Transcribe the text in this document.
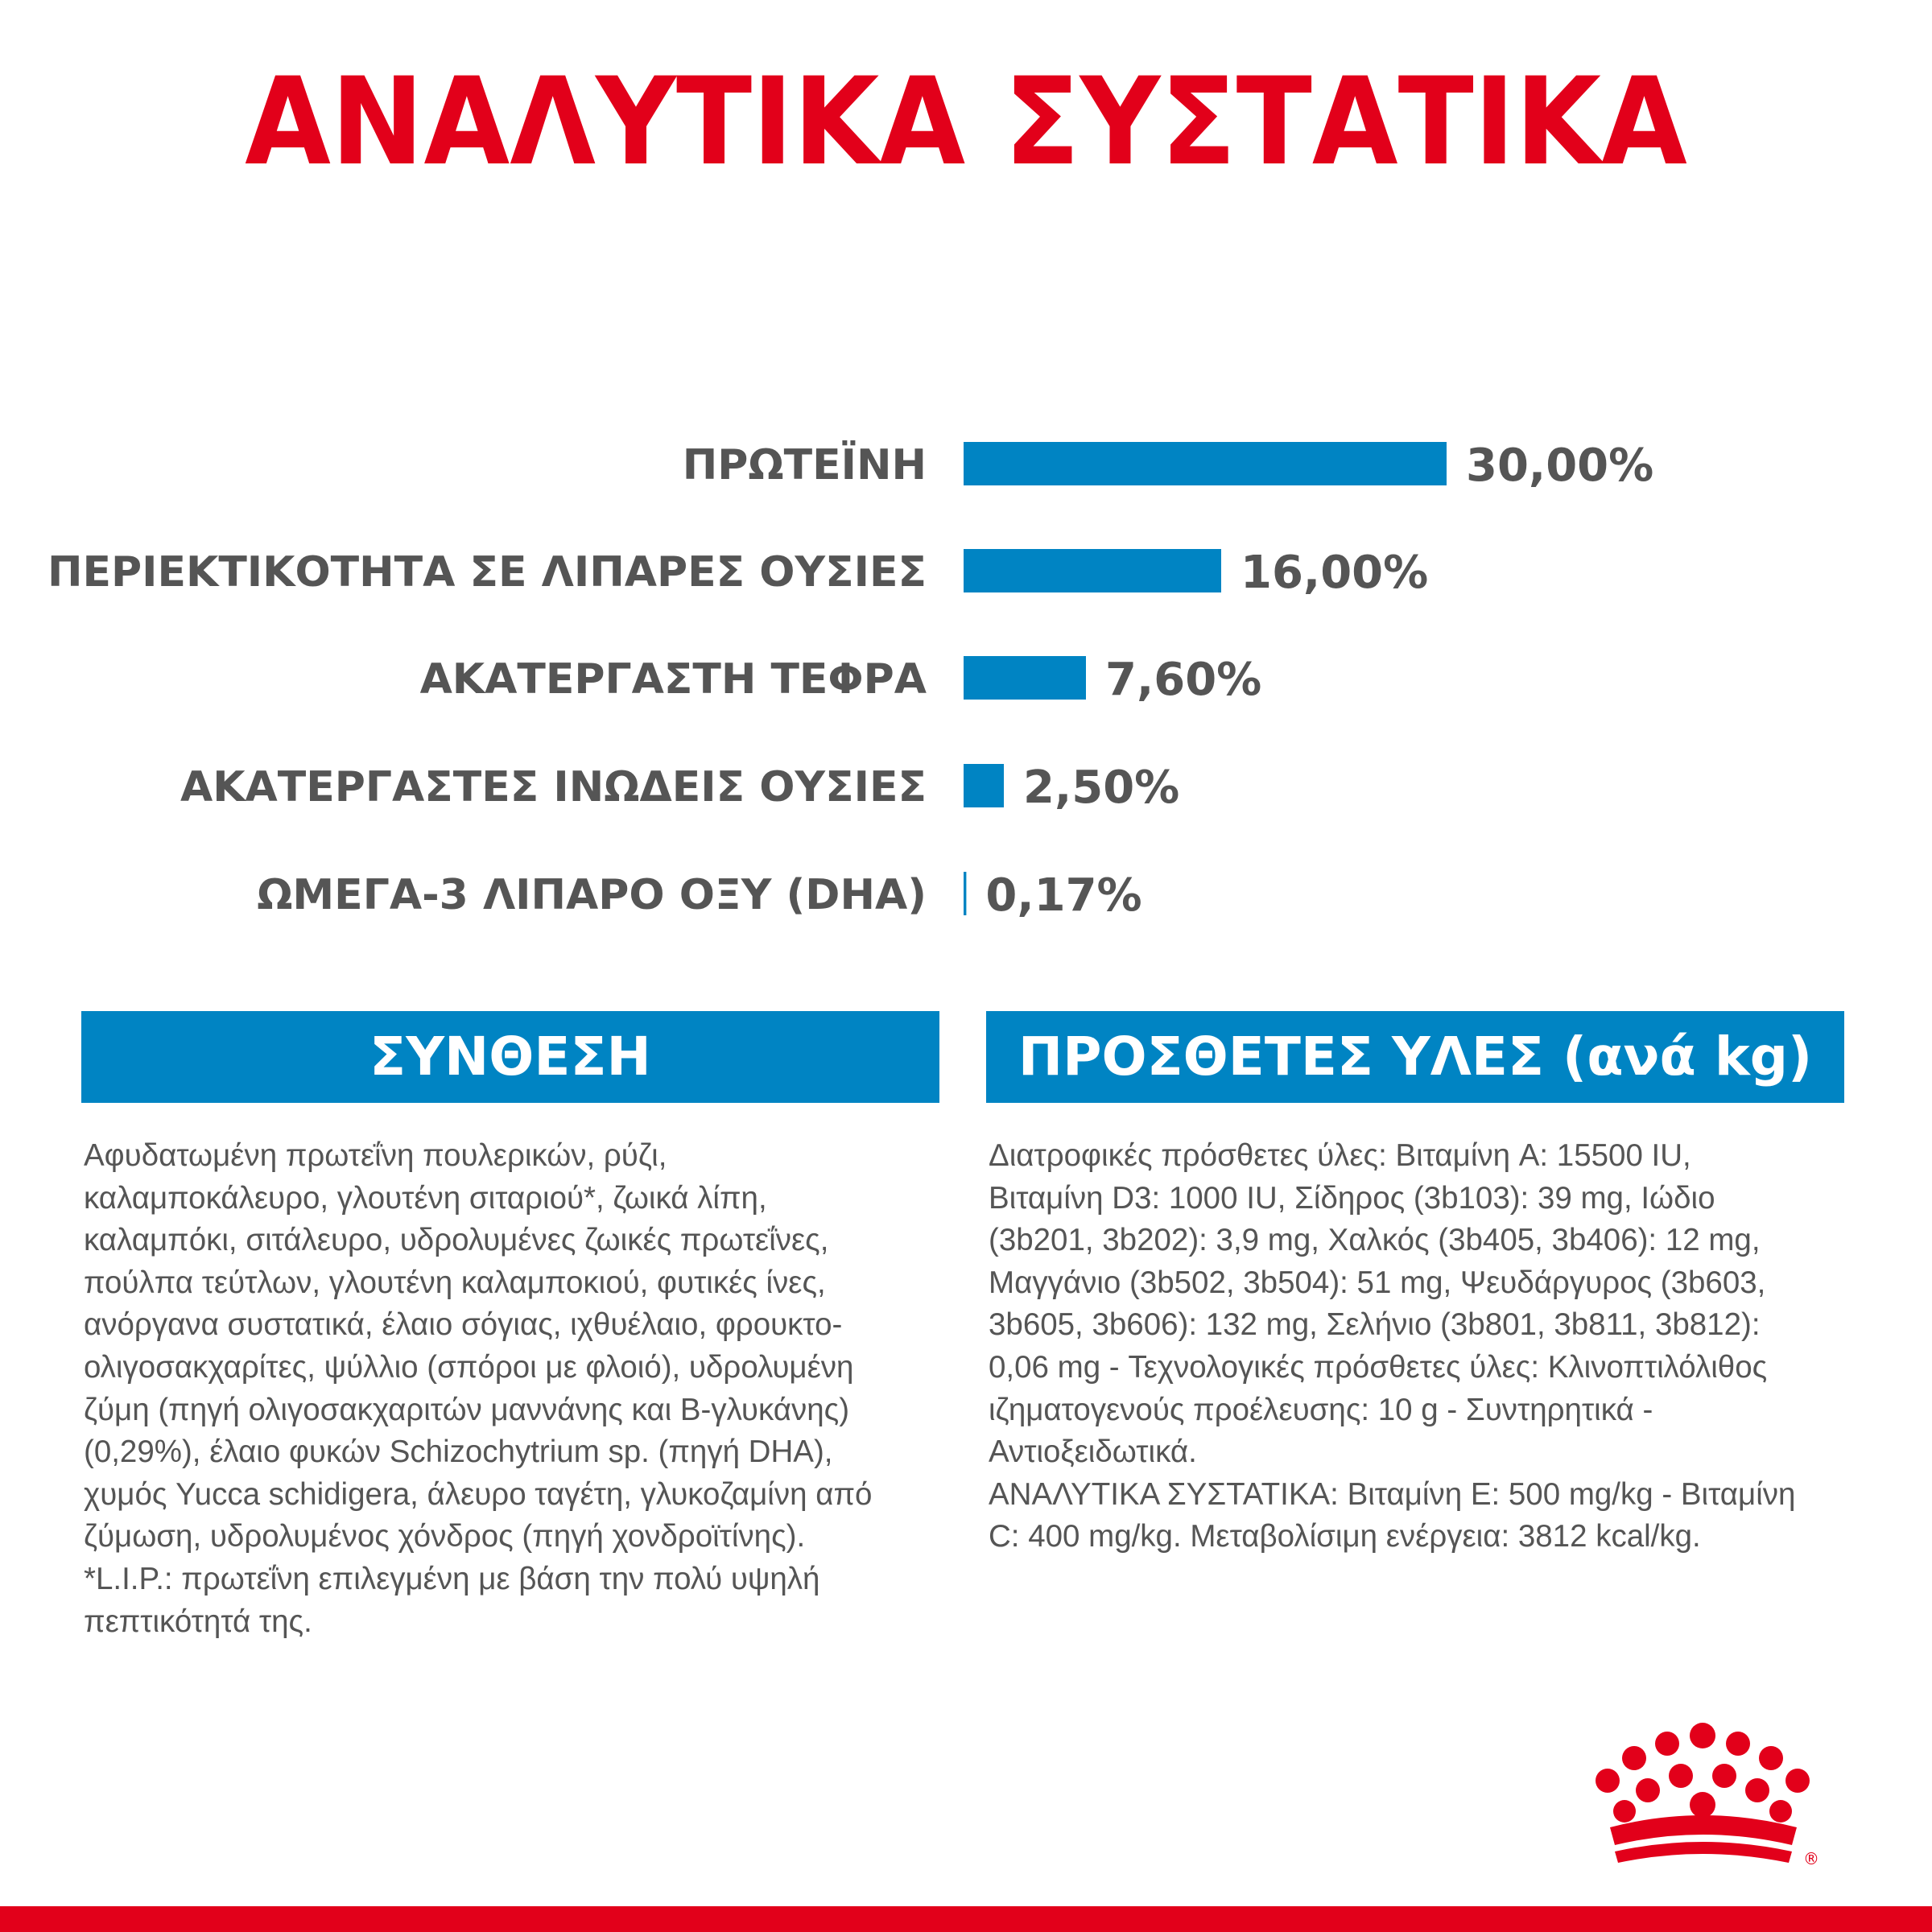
ΑΝΑΛΥΤΙΚΑ ΣΥΣΤΑΤΙΚΑ
ΠΡΩΤΕΪΝΗ	30,00%
ΠΕΡΙΕΚΤΙΚΟΤΗΤΑ ΣΕ ΛΙΠΑΡΕΣ ΟΥΣΙΕΣ	16,00%
ΑΚΑΤΕΡΓΑΣΤΗ ΤΕΦΡΑ	7,60%
ΑΚΑΤΕΡΓΑΣΤΕΣ ΙΝΩΔΕΙΣ ΟΥΣΙΕΣ 2,50%
ΩΜΕΓΑ-3 ΛΙΠΑΡΟ ΟΞΥ (DHA) 0,17%
ΣΥΝΘΕΣΗ	ΠΡΟΣΘΕΤΕΣ ΥΛΕΣ (ανά kg)
Αφυδατωμένη πρωτεΐνη πουλερικών, ρύζι,
καλαμποκάλευρο, γλουτένη σιταριού*, ζωικά λίπη,
καλαμπόκι, σιτάλευρο, υδρολυμένες ζωικές πρωτεΐνες,
πούλπα τεύτλων, γλουτένη καλαμποκιού, φυτικές ίνες,
ανόργανα συστατικά, έλαιο σόγιας, ιχθυέλαιο, φρουκτο-
ολιγοσακχαρίτες, ψύλλιο (σπόροι με φλοιό), υδρολυμένη
ζύμη (πηγή ολιγοσακχαριτών μαννάνης και Β-γλυκάνης)
(0,29%), έλαιο φυκών Schizochytrium sp. (πηγή DHA),
χυμός Yucca schidigera, άλευρο ταγέτη, γλυκοζαμίνη από
ζύμωση, υδρολυμένος χόνδρος (πηγή χονδροϊτίνης).
*L.I.P.: πρωτεΐνη επιλεγμένη με βάση την πολύ υψηλή
πεπτικότητά της.
Διατροφικές πρόσθετες ύλες: Βιταμίνη A: 15500 IU,
Βιταμίνη D3: 1000 IU, Σίδηρος (3b103): 39 mg, Ιώδιο
(3b201, 3b202): 3,9 mg, Χαλκός (3b405, 3b406): 12 mg,
Μαγγάνιο (3b502, 3b504): 51 mg, Ψευδάργυρος (3b603,
3b605, 3b606): 132 mg, Σελήνιο (3b801, 3b811, 3b812):
0,06 mg - Τεχνολογικές πρόσθετες ύλες: Κλινοπτιλόλιθος
ιζηματογενούς προέλευσης: 10 g - Συντηρητικά -
Αντιοξειδωτικά.
ΑΝΑΛΥΤΙΚΑ ΣΥΣΤΑΤΙΚΑ: Βιταμίνη E: 500 mg/kg - Βιταμίνη
C: 400 mg/kg. Μεταβολίσιμη ενέργεια: 3812 kcal/kg.
®
